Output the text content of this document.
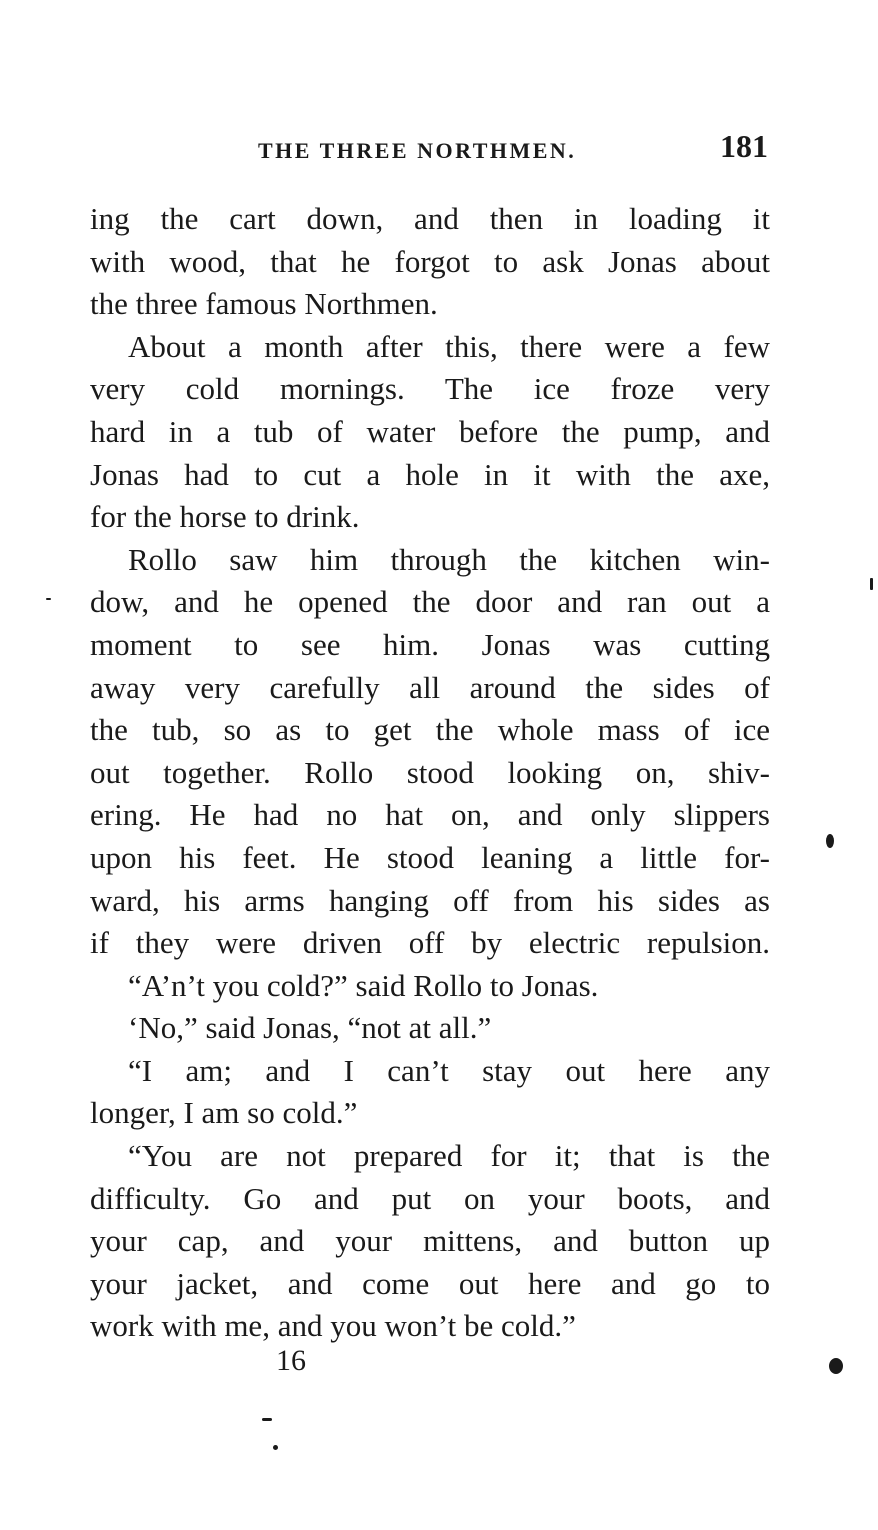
THE THREE NORTHMEN.	181
ing the cart down, and then in loading it
with wood, that he forgot to ask Jonas about
the three famous Northmen.
About a month after this, there were a few
very cold mornings. The ice froze very
hard in a tub of water before the pump, and
Jonas had to cut a hole in it with the axe,
for the horse to drink.
Rollo saw him through the kitchen win-
dow, and he opened the door and ran out a
moment to see him. Jonas was cutting
away very carefully all around the sides of
the tub, so as to get the whole mass of ice
out together. Rollo stood looking on, shiv-
ering. He had no hat on, and only slippers
upon his feet. He stood leaning a little for-
ward, his arms hanging off from his sides as
if they were driven off by electric repulsion.
“A’n’t you cold?” said Rollo to Jonas.
‘No,” said Jonas, “not at all.”
“I am; and I can’t stay out here any
longer, I am so cold.”
“You are not prepared for it; that is the
difficulty. Go and put on your boots, and
your cap, and your mittens, and button up
your jacket, and come out here and go to
work with me, and you won’t be cold.”
16
